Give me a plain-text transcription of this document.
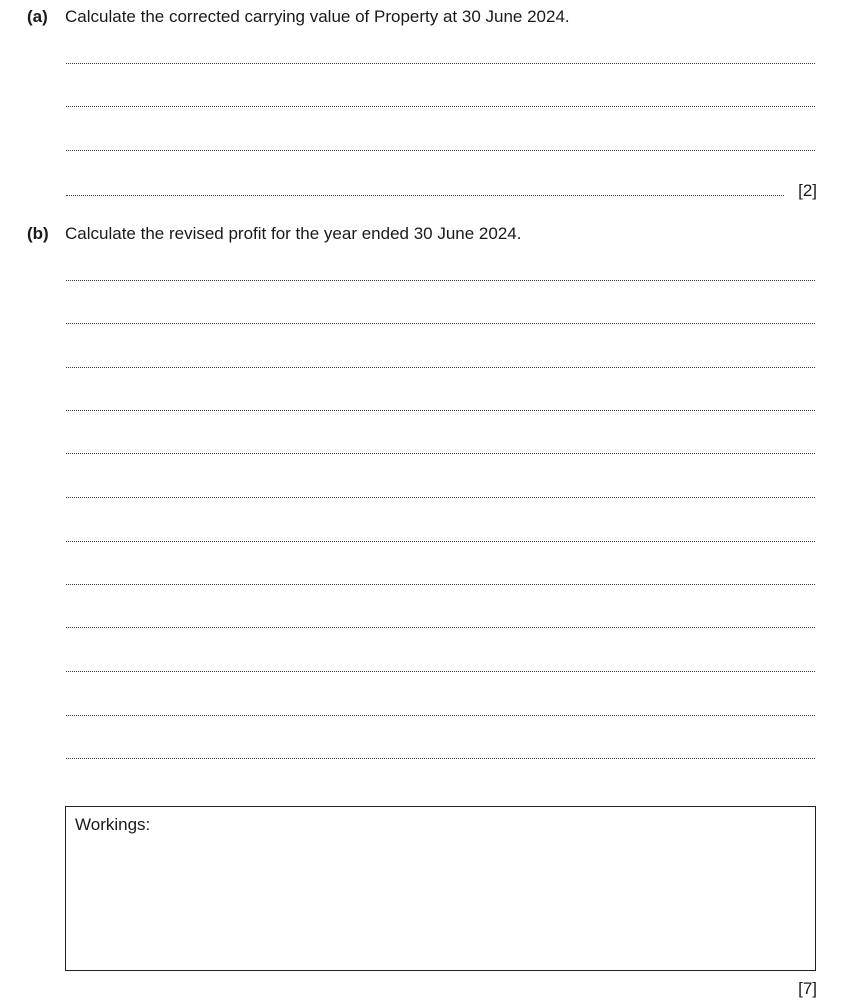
(a) Calculate the corrected carrying value of Property at 30 June 2024.
[2]
(b) Calculate the revised profit for the year ended 30 June 2024.
Workings:
[7]
